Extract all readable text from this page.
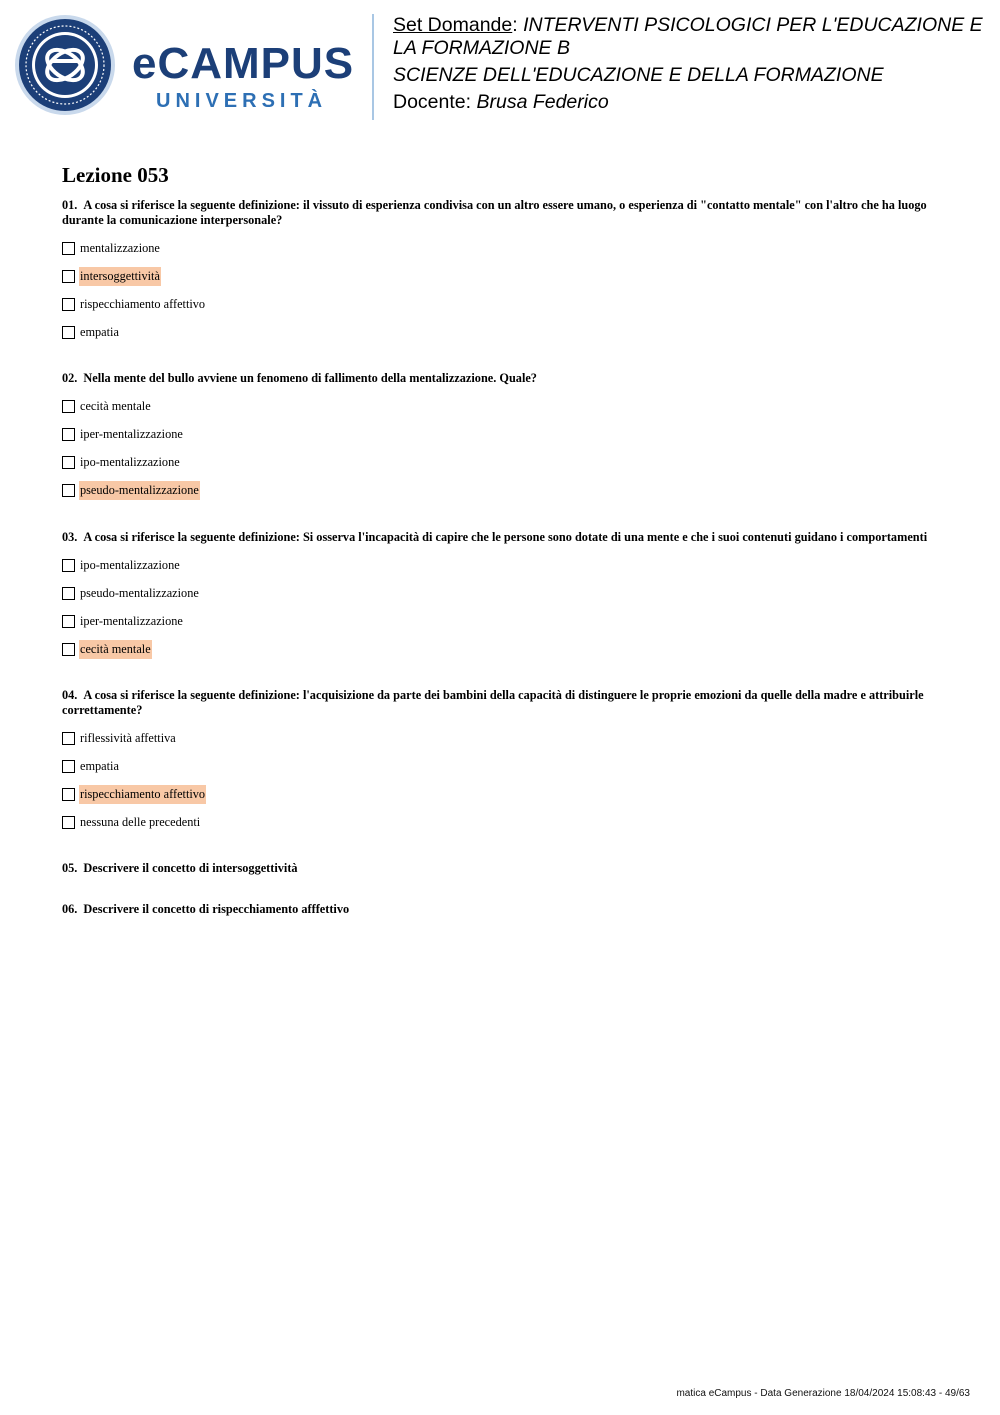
eCAMPUS
UNIVERSITÀ

Set Domande: INTERVENTI PSICOLOGICI PER L'EDUCAZIONE E LA FORMAZIONE B

SCIENZE DELL'EDUCAZIONE E DELLA FORMAZIONE

Docente: Brusa Federico

Lezione 053

01. A cosa si riferisce la seguente definizione: il vissuto di esperienza condivisa con un altro essere umano, o esperienza di "contatto mentale" con l'altro che ha luogo durante la comunicazione interpersonale?

mentalizzazione
intersoggettività
rispecchiamento affettivo
empatia

02. Nella mente del bullo avviene un fenomeno di fallimento della mentalizzazione. Quale?

cecità mentale
iper-mentalizzazione
ipo-mentalizzazione
pseudo-mentalizzazione

03. A cosa si riferisce la seguente definizione: Si osserva l'incapacità di capire che le persone sono dotate di una mente e che i suoi contenuti guidano i comportamenti

ipo-mentalizzazione
pseudo-mentalizzazione
iper-mentalizzazione
cecità mentale

04. A cosa si riferisce la seguente definizione: l'acquisizione da parte dei bambini della capacità di distinguere le proprie emozioni da quelle della madre e attribuirle correttamente?

riflessività affettiva
empatia
rispecchiamento affettivo
nessuna delle precedenti

05. Descrivere il concetto di intersoggettività

06. Descrivere il concetto di rispecchiamento afffettivo

matica eCampus - Data Generazione 18/04/2024 15:08:43 - 49/63
